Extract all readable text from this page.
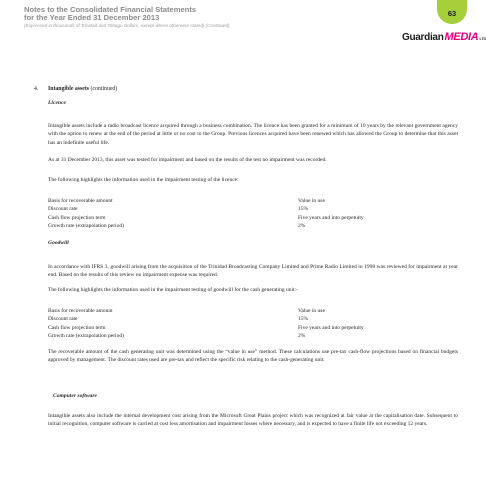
Notes to the Consolidated Financial Statements
for the Year Ended 31 December 2013
(Expressed in thousands of Trinidad and Tobago Dollars, except where otherwise stated) (Continued)
63
Guardian MEDIA LTD
4. Intangible assets (continued)
Licence
Intangible assets include a radio broadcast licence acquired through a business combination. The licence has been granted for a minimum of 10 years by the relevant government agency with the option to renew at the end of the period at little or no cost to the Group. Previous licences acquired have been renewed which has allowed the Group to determine that this asset has an indefinite useful life.
As at 31 December 2013, this asset was tested for impairment and based on the results of the test no impairment was recorded.
The following highlights the information used in the impairment testing of the licence:
Basis for recoverable amount	Value in use
Discount rate	15%
Cash flow projection term	Five years and into perpetuity
Growth rate (extrapolation period)	2%
Goodwill
In accordance with IFRS 3, goodwill arising from the acquisition of the Trinidad Broadcasting Company Limited and Prime Radio Limited in 1998 was reviewed for impairment at year end. Based on the results of this review no impairment expense was required.
The following highlights the information used in the impairment testing of goodwill for the cash generating unit:-
Basis for recoverable amount	Value in use
Discount rate	15%
Cash flow projection term	Five years and into perpetuity
Growth rate (extrapolation period)	2%
The recoverable amount of the cash generating unit was determined using the “value in use” method. These calculations use pre-tax cash-flow projections based on financial budgets approved by management. The discount rates used are pre-tax and reflect the specific risk relating to the cash-generating unit.
Computer software
Intangible assets also include the internal development cost arising from the Microsoft Great Plains project which was recognized at fair value at the capitalisation date. Subsequent to initial recognition, computer software is carried at cost less amortisation and impairment losses where necessary, and is expected to have a finite life not exceeding 12 years.
